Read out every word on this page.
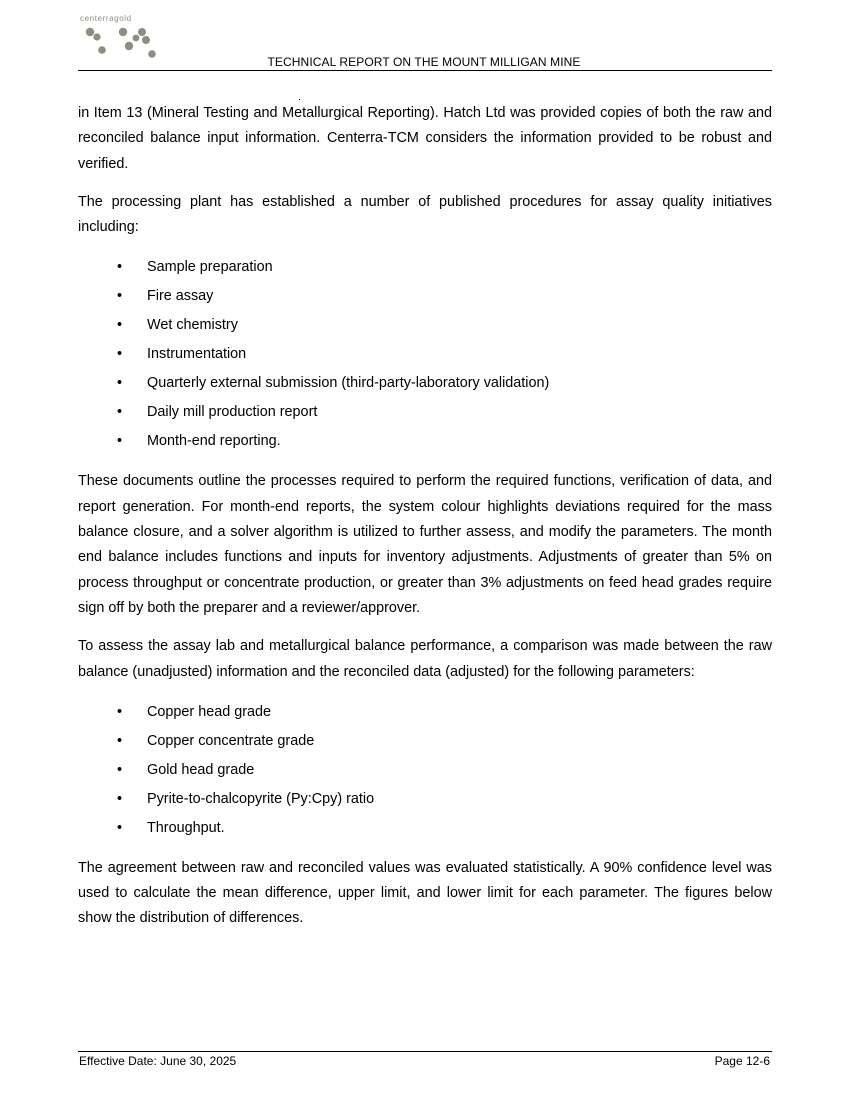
centerragold
TECHNICAL REPORT ON THE MOUNT MILLIGAN MINE

in Item 13 (Mineral Testing and Metallurgical Reporting). Hatch Ltd was provided copies of both the raw and reconciled balance input information. Centerra-TCM considers the information provided to be robust and verified.

The processing plant has established a number of published procedures for assay quality initiatives including:

• Sample preparation
• Fire assay
• Wet chemistry
• Instrumentation
• Quarterly external submission (third-party-laboratory validation)
• Daily mill production report
• Month-end reporting.

These documents outline the processes required to perform the required functions, verification of data, and report generation. For month-end reports, the system colour highlights deviations required for the mass balance closure, and a solver algorithm is utilized to further assess, and modify the parameters. The month end balance includes functions and inputs for inventory adjustments. Adjustments of greater than 5% on process throughput or concentrate production, or greater than 3% adjustments on feed head grades require sign off by both the preparer and a reviewer/approver.

To assess the assay lab and metallurgical balance performance, a comparison was made between the raw balance (unadjusted) information and the reconciled data (adjusted) for the following parameters:

• Copper head grade
• Copper concentrate grade
• Gold head grade
• Pyrite-to-chalcopyrite (Py:Cpy) ratio
• Throughput.

The agreement between raw and reconciled values was evaluated statistically. A 90% confidence level was used to calculate the mean difference, upper limit, and lower limit for each parameter. The figures below show the distribution of differences.

Effective Date: June 30, 2025	Page 12-6
